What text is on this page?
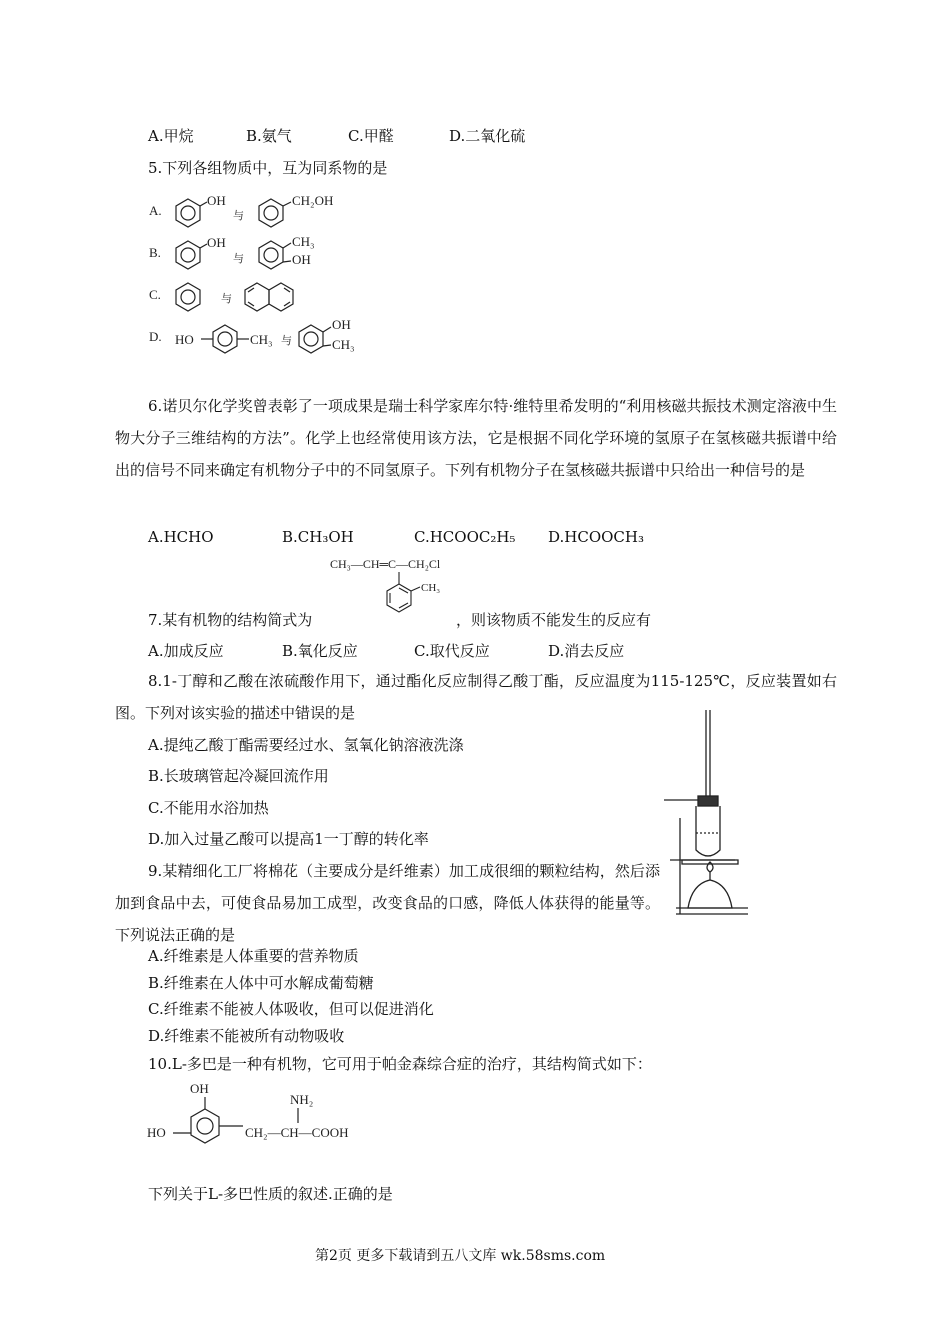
A.甲烷	B.氨气	C.甲醛	D.二氧化硫
5.下列各组物质中，互为同系物的是
A.
B.
C.
D.
OH
与
CH₂OH
OH
与
CH₃
OH
与
HO	CH₃ 与
OH
CH₃
6.诺贝尔化学奖曾表彰了一项成果是瑞士科学家库尔特·维特里希发明的“利用核磁共振技术测定溶液中生物大分子三维结构的方法”。化学上也经常使用该方法，它是根据不同化学环境的氢原子在氢核磁共振谱中给出的信号不同来确定有机物分子中的不同氢原子。下列有机物分子在氢核磁共振谱中只给出一种信号的是
A.HCHO	B.CH₃OH	C.HCOOC₂H₅ D.HCOOCH₃
CH₃—CH═C—CH₂Cl
CH₃
7.某有机物的结构简式为	，则该物质不能发生的反应有
A.加成反应	B.氧化反应	C.取代反应	D.消去反应
8.1-丁醇和乙酸在浓硫酸作用下，通过酯化反应制得乙酸丁酯，反应温度为115-125℃，反应装置如右图。下列对该实验的描述中错误的是
A.提纯乙酸丁酯需要经过水、氢氧化钠溶液洗涤
B.长玻璃管起冷凝回流作用
C.不能用水浴加热
D.加入过量乙酸可以提高1一丁醇的转化率
9.某精细化工厂将棉花（主要成分是纤维素）加工成很细的颗粒结构，然后添加到食品中去，可使食品易加工成型，改变食品的口感，降低人体获得的能量等。下列说法正确的是
A.纤维素是人体重要的营养物质
B.纤维素在人体中可水解成葡萄糖
C.纤维素不能被人体吸收，但可以促进消化
D.纤维素不能被所有动物吸收
10.L-多巴是一种有机物，它可用于帕金森综合症的治疗，其结构简式如下：
OH
HO
NH₂
CH₂—CH—COOH
下列关于L-多巴性质的叙述.正确的是
第2页 更多下载请到五八文库 wk.58sms.com
